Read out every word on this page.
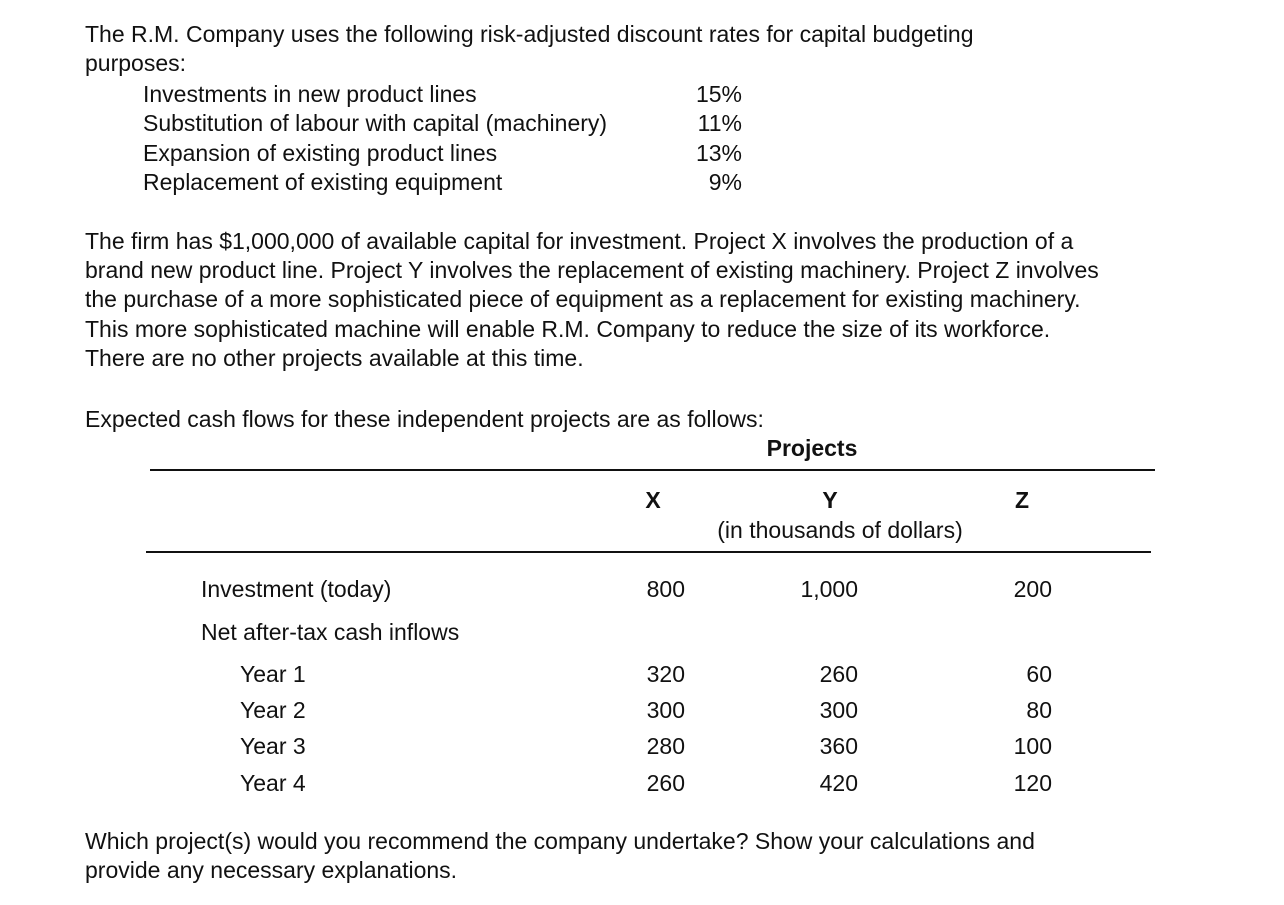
The R.M. Company uses the following risk-adjusted discount rates for capital budgeting
purposes:
Investments in new product lines	15%
Substitution of labour with capital (machinery)	11%
Expansion of existing product lines	13%
Replacement of existing equipment	9%
The firm has $1,000,000 of available capital for investment. Project X involves the production of a
brand new product line. Project Y involves the replacement of existing machinery. Project Z involves
the purchase of a more sophisticated piece of equipment as a replacement for existing machinery.
This more sophisticated machine will enable R.M. Company to reduce the size of its workforce.
There are no other projects available at this time.
Expected cash flows for these independent projects are as follows:
Projects
X	Y	Z
(in thousands of dollars)
Investment (today)	800	1,000	200
Net after-tax cash inflows
Year 1	320	260	60
Year 2	300	300	80
Year 3	280	360	100
Year 4	260	420	120
Which project(s) would you recommend the company undertake? Show your calculations and
provide any necessary explanations.
